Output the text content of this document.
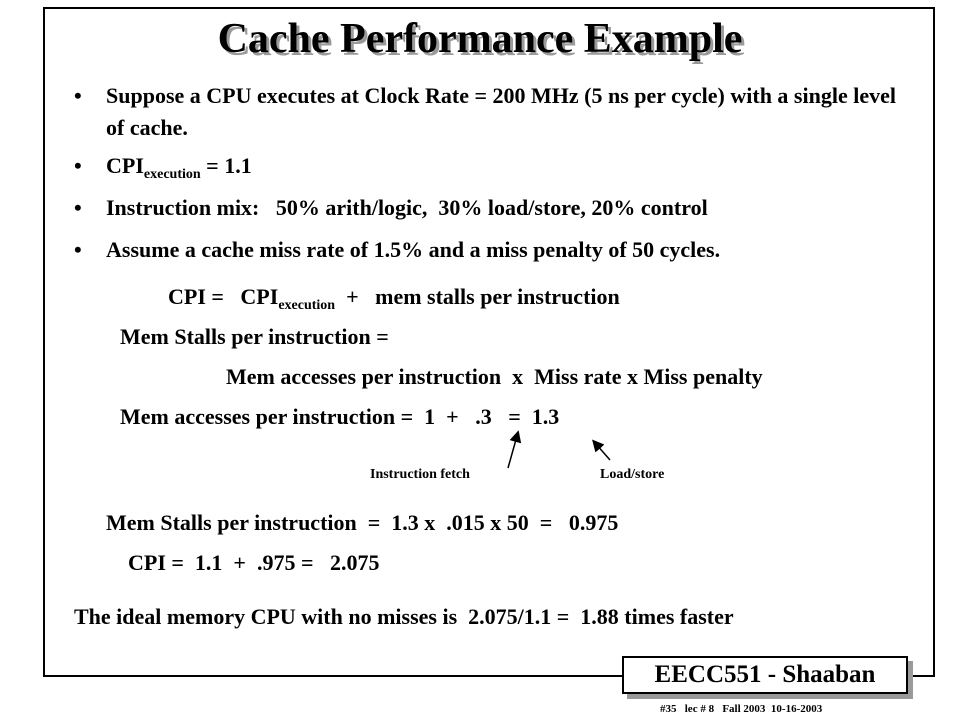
Cache Performance Example
• Suppose a CPU executes at Clock Rate = 200 MHz (5 ns per cycle) with a single level of cache.
• $CPI_{execution} = 1.1$
• Instruction mix:   50% arith/logic,  30% load/store, 20% control
• Assume a cache miss rate of 1.5% and a miss penalty of 50 cycles.
CPI =   $CPI_{execution}$  +   mem stalls per instruction
Mem Stalls per instruction =
Mem accesses per instruction  x  Miss rate x Miss penalty
Mem accesses per instruction =  1  +   .3   =  1.3
Instruction fetch	Load/store
Mem Stalls per instruction  =  1.3 x  .015 x 50  =   0.975
CPI =  1.1  +  .975 =   2.075
The ideal memory CPU with no misses is  2.075/1.1 =  1.88 times faster
EECC551 - Shaaban
#35   lec # 8   Fall 2003  10-16-2003
